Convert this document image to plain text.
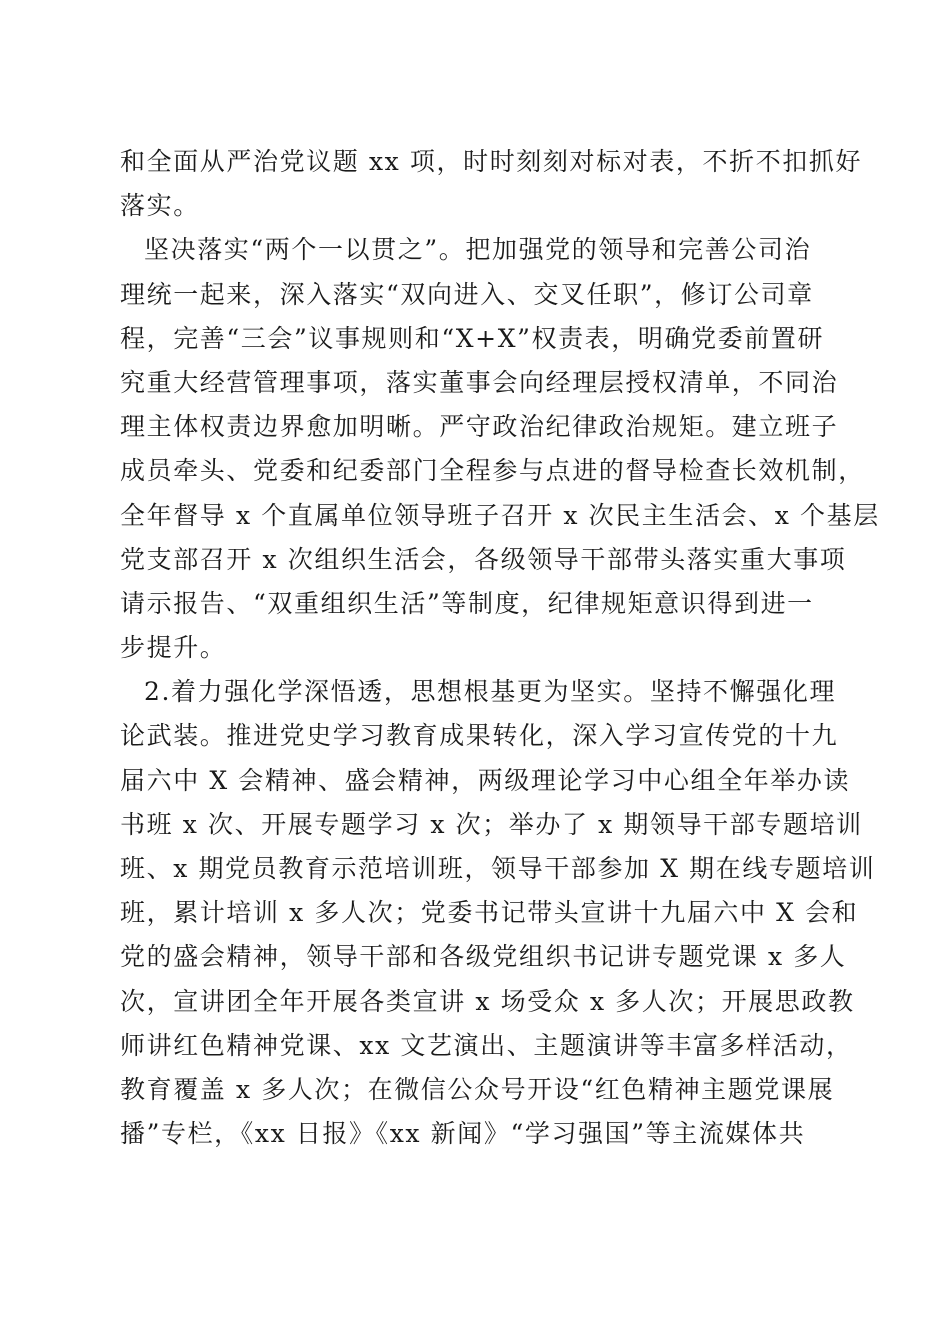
和全面从严治党议题 xx 项，时时刻刻对标对表，不折不扣抓好
落实。
坚决落实“两个一以贯之”。把加强党的领导和完善公司治
理统一起来，深入落实“双向进入、交叉任职”，修订公司章
程，完善“三会”议事规则和“X+X”权责表，明确党委前置研
究重大经营管理事项，落实董事会向经理层授权清单，不同治
理主体权责边界愈加明晰。严守政治纪律政治规矩。建立班子
成员牵头、党委和纪委部门全程参与点进的督导检查长效机制，
全年督导 x 个直属单位领导班子召开 x 次民主生活会、x 个基层
党支部召开 x 次组织生活会，各级领导干部带头落实重大事项
请示报告、“双重组织生活”等制度，纪律规矩意识得到进一
步提升。
2.着力强化学深悟透，思想根基更为坚实。坚持不懈强化理
论武装。推进党史学习教育成果转化，深入学习宣传党的十九
届六中 X 会精神、盛会精神，两级理论学习中心组全年举办读
书班 x 次、开展专题学习 x 次；举办了 x 期领导干部专题培训
班、x 期党员教育示范培训班，领导干部参加 X 期在线专题培训
班，累计培训 x 多人次；党委书记带头宣讲十九届六中 X 会和
党的盛会精神，领导干部和各级党组织书记讲专题党课 x 多人
次，宣讲团全年开展各类宣讲 x 场受众 x 多人次；开展思政教
师讲红色精神党课、xx 文艺演出、主题演讲等丰富多样活动，
教育覆盖 x 多人次；在微信公众号开设“红色精神主题党课展
播”专栏，《xx 日报》《xx 新闻》“学习强国”等主流媒体共
